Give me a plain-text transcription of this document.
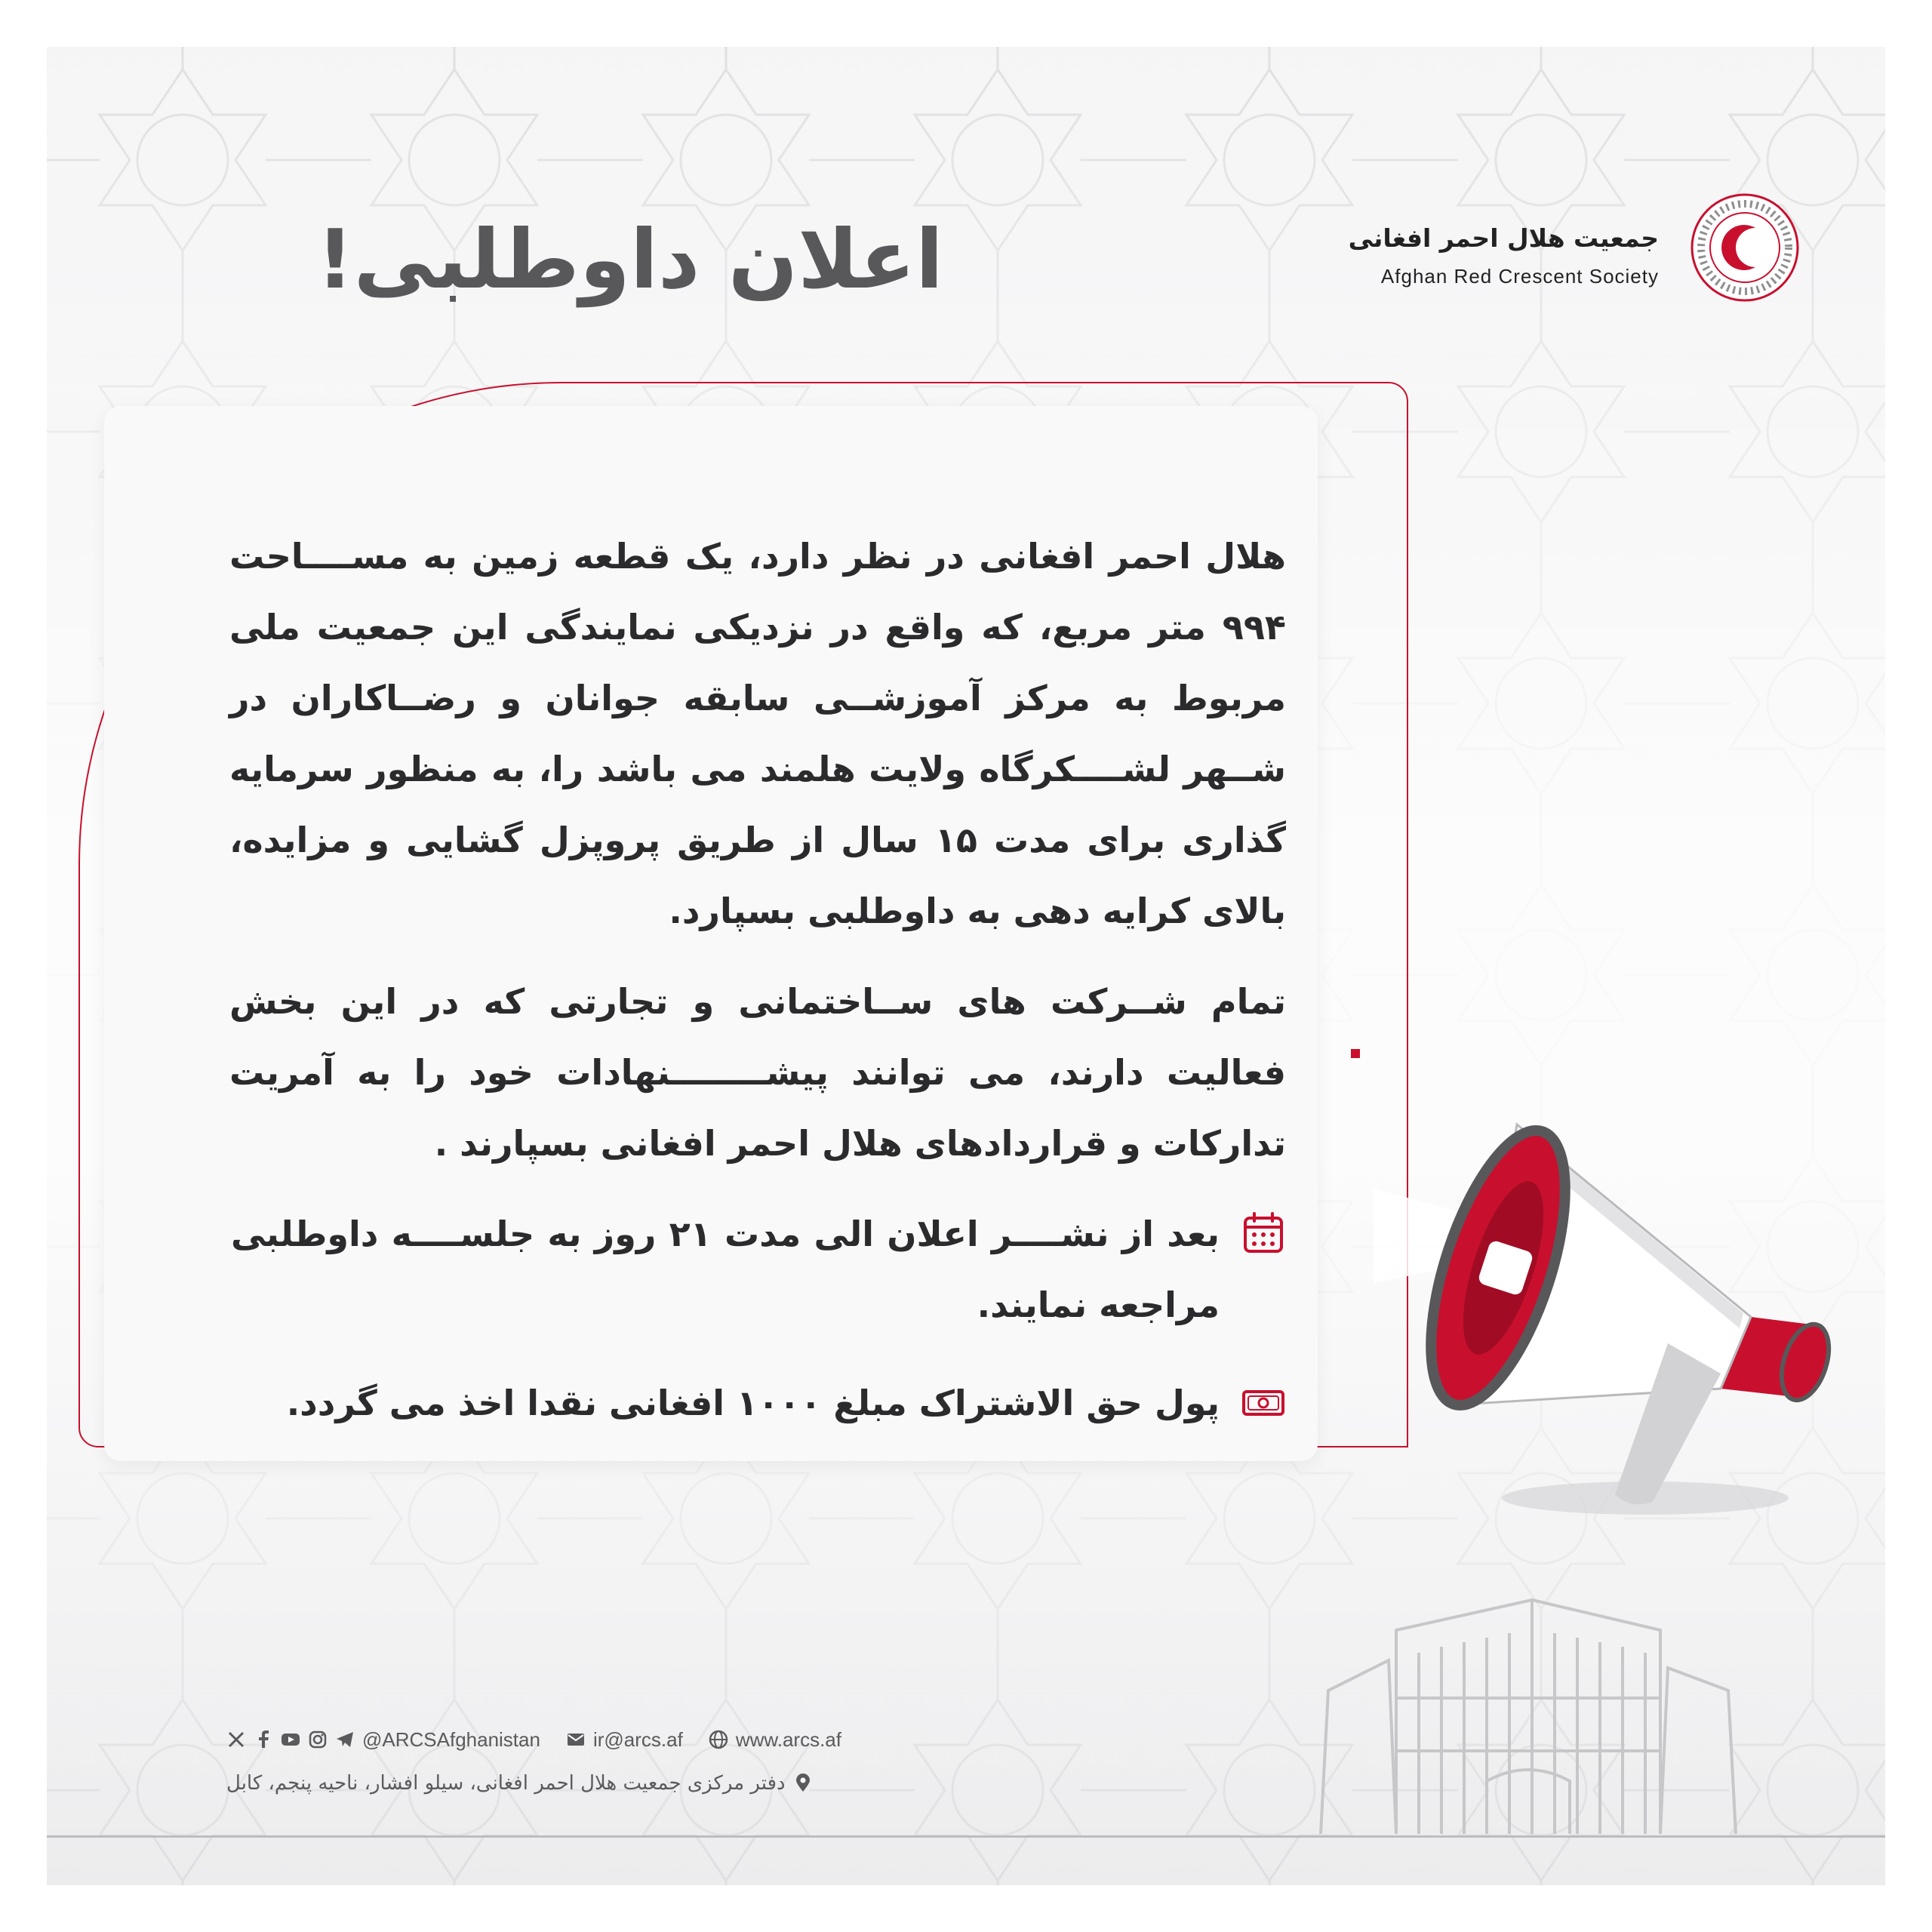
اعلان داوطلبی!	جمعیت هلال احمر افغانی
Afghan Red Crescent Society

هلال احمر افغانی در نظر دارد، یک قطعه زمین به مســــاحت ۹۹۴ متر مربع، که واقع در نزدیکی نمایندگی این جمعیت ملی مربوط به مرکز آموزشــی سابقه جوانان و رضــاکاران در شــهر لشــــکرگاه ولایت هلمند می باشد را، به منظور سرمایه گذاری برای مدت ۱۵ سال از طریق پروپزل گشایی و مزایده، بالای کرایه دهی به داوطلبی بسپارد.

تمام شــرکت های ســاختمانی و تجارتی که در این بخش فعالیت دارند، می توانند پیشــــــــنهادات خود را به آمریت تدارکات و قراردادهای هلال احمر افغانی بسپارند .

بعد از نشــــر اعلان الی مدت ۲۱ روز به جلســــه داوطلبی مراجعه نمایند.

پول حق الاشتراک مبلغ ۱۰۰۰ افغانی نقدا اخذ می گردد.

@ARCSAfghanistan	ir@arcs.af	www.arcs.af
دفتر مرکزی جمعیت هلال احمر افغانی، سیلو افشار، ناحیه پنجم، کابل
